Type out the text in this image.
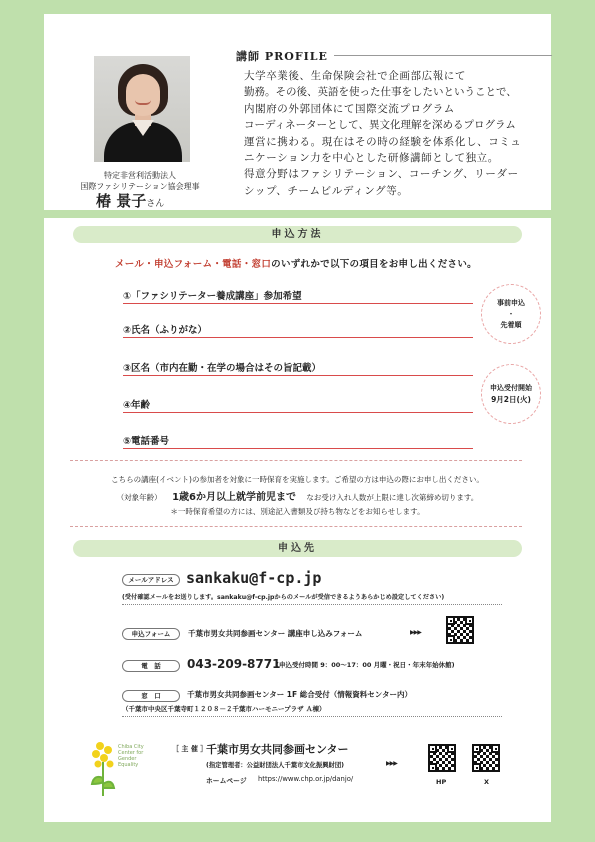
特定非営利活動法人
国際ファシリテーション協会理事
椿 景子さん
講師 PROFILE
大学卒業後、生命保険会社で企画部広報にて
勤務。その後、英語を使った仕事をしたいということで、
内閣府の外郭団体にて国際交流プログラム
コーディネーターとして、異文化理解を深めるプログラム
運営に携わる。現在はその時の経験を体系化し、コミュ
ニケーション力を中心とした研修講師として独立。
得意分野はファシリテーション、コーチング、リーダー
シップ、チームビルディング等。
申込方法
メール・申込フォーム・電話・窓口のいずれかで以下の項目をお申し出ください。
①「ファシリテーター養成講座」参加希望
②氏名（ふりがな）
③区名（市内在勤・在学の場合はその旨記載）
④年齢
⑤電話番号
事前申込
・
先着順
申込受付開始
9月2日(火)
こちらの講座(イベント)の参加者を対象に一時保育を実施します。ご希望の方は申込の際にお申し出ください。
（対象年齢） 1歳6か月以上就学前児まで なお受け入れ人数が上限に達し次第締め切ります。
＊一時保育希望の方には、別途記入書類及び持ち物などをお知らせします。
申込先
メールアドレス sankaku@f-cp.jp
(受付確認メールをお送りします。sankaku@f-cp.jpからのメールが受信できるようあらかじめ設定してください)
申込フォーム	千葉市男女共同参画センター 講座申し込みフォーム	▶▶▶
電　話	043-209-8771
(申込受付時間 9：00～17：00 月曜・祝日・年末年始休館)
窓　口	千葉市男女共同参画センター 1F 総合受付（情報資料センター内）
（千葉市中央区千葉寺町１２０８－２千葉市ハーモニープラザ Ａ棟）
Chiba City
Center for
Gender
Equality
［ 主 催 ］
千葉市男女共同参画センター
(指定管理者：公益財団法人千葉市文化振興財団)
ホームページ https://www.chp.or.jp/danjo/
▶▶▶
HP	X
